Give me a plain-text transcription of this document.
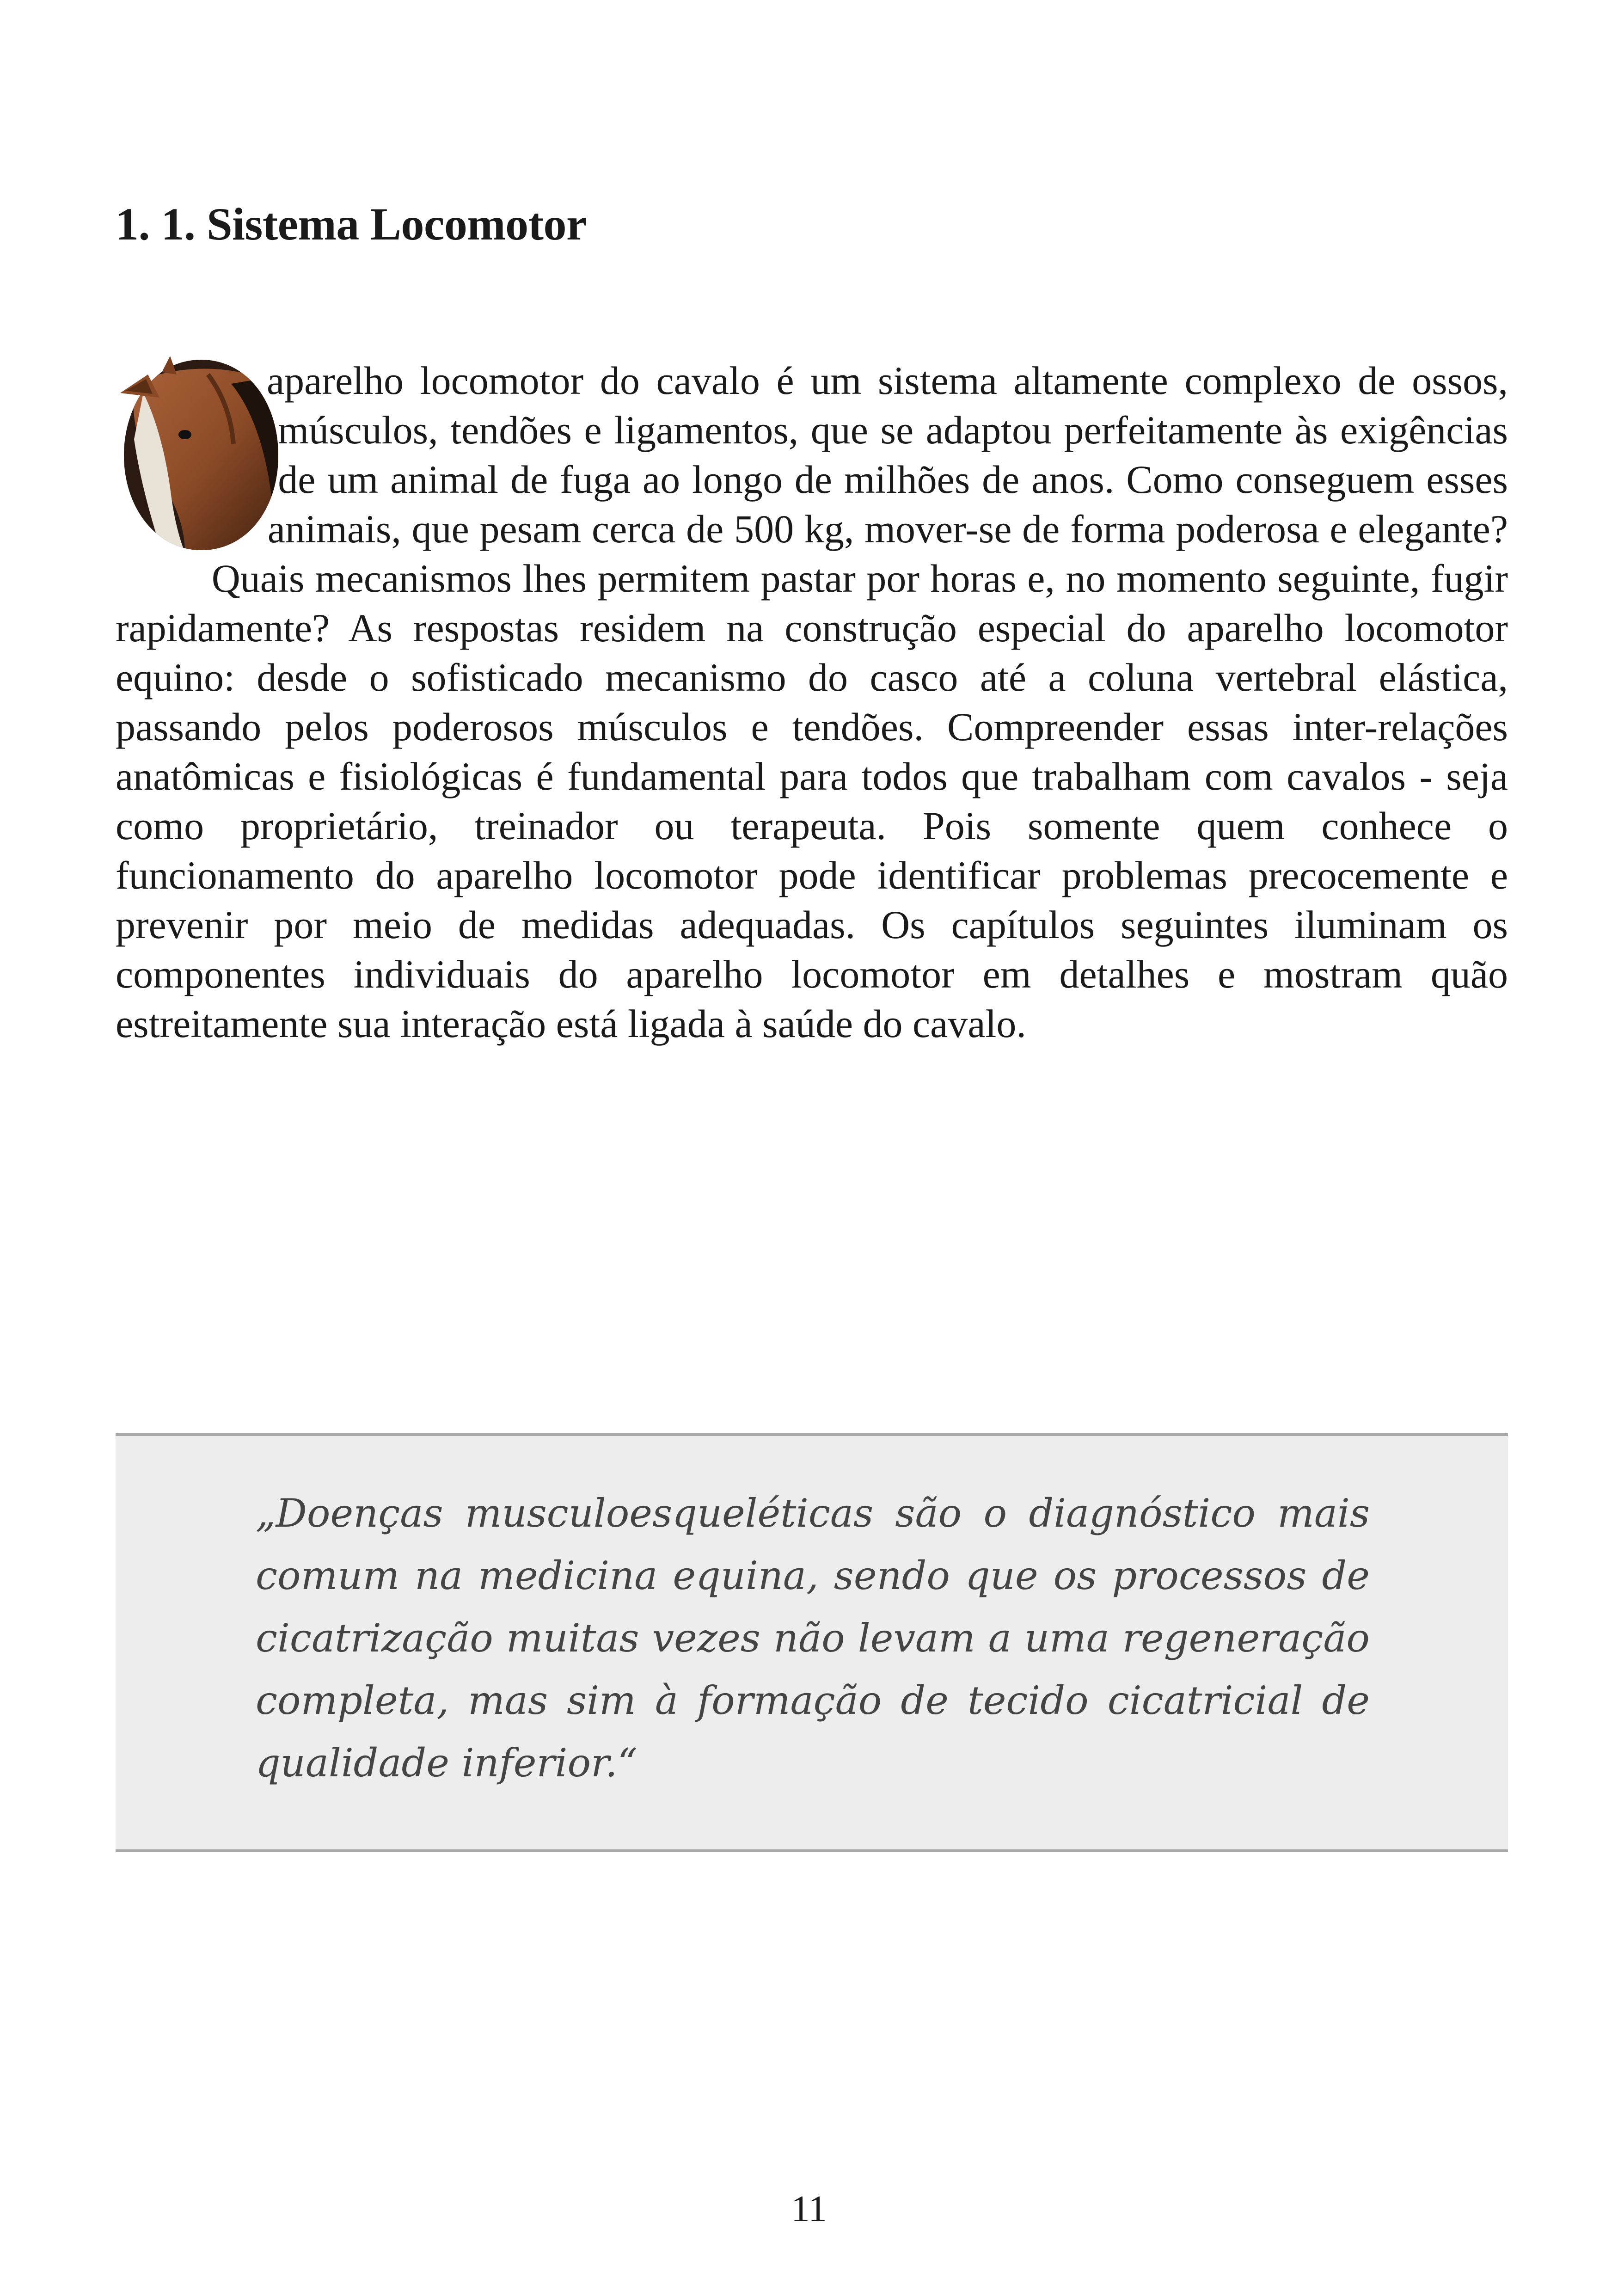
1. 1. Sistema Locomotor
aparelho locomotor do cavalo é um sistema altamente complexo de ossos, músculos, tendões e ligamentos, que se adaptou perfeitamente às exigências de um animal de fuga ao longo de milhões de anos. Como conseguem esses animais, que pesam cerca de 500 kg, mover-se de forma poderosa e elegante? Quais mecanismos lhes permitem pastar por horas e, no momento seguinte, fugir rapidamente? As respostas residem na construção especial do aparelho locomotor equino: desde o sofisticado mecanismo do casco até a coluna vertebral elástica, passando pelos poderosos músculos e tendões. Compreender essas inter-relações anatômicas e fisiológicas é fundamental para todos que trabalham com cavalos - seja como proprietário, treinador ou terapeuta. Pois somente quem conhece o funcionamento do aparelho locomotor pode identificar problemas precocemente e prevenir por meio de medidas adequadas. Os capítulos seguintes iluminam os componentes individuais do aparelho locomotor em detalhes e mostram quão estreitamente sua interação está ligada à saúde do cavalo.

„Doenças musculoesqueléticas são o diagnóstico mais comum na medicina equina, sendo que os processos de cicatrização muitas vezes não levam a uma regeneração completa, mas sim à formação de tecido cicatricial de qualidade inferior.“

11
